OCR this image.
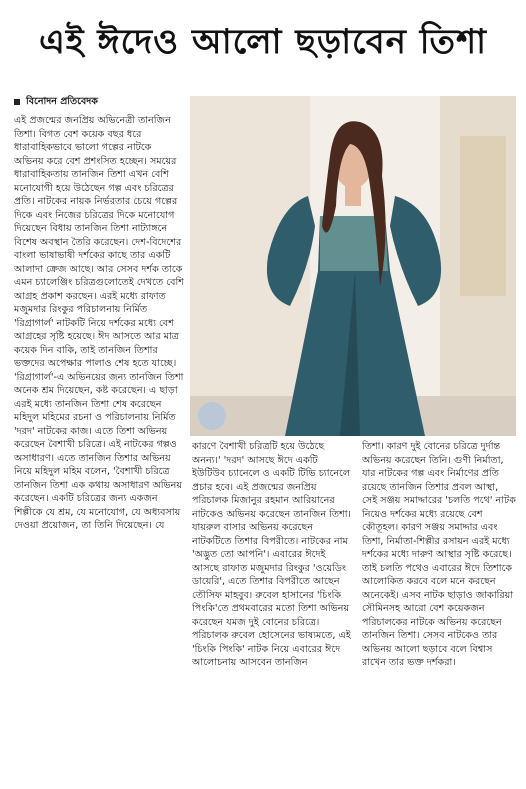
এই ঈদেও আলো ছড়াবেন তিশা
বিনোদন প্রতিবেদক
এই প্রজন্মের জনপ্রিয় অভিনেত্রী তানজিন তিশা। বিগত বেশ কয়েক বছর ধরে ধারাবাহিকভাবে ভালো গল্পের নাটকে অভিনয় করে বেশ প্রশংসিত হচ্ছেন। সময়ের ধারাবাহিকতায় তানজিন তিশা এখন বেশি মনোযোগী হয়ে উঠেছেন গল্প এবং চরিত্রের প্রতি। নাটকের নায়ক নির্ভরতার চেয়ে গল্পের দিকে এবং নিজের চরিত্রের দিকে মনোযোগ দিয়েছেন বিধায় তানজিন তিশা নাট্যাঙ্গনে বিশেষ অবস্থান তৈরি করেছেন। দেশ-বিদেশের বাংলা ভাষাভাষী দর্শকের কাছে তার একটি আলাদা ক্রেজ আছে। আর সেসব দর্শক তাকে এমন চ্যালেঞ্জিং চরিত্রগুলোতেই দেখতে বেশি আগ্রহ প্রকাশ করছেন। এরই মধ্যে রাফাত মজুমদার রিংকুর পরিচালনায় নির্মিত 'রিগ্রাগার্ল' নাটকটি নিয়ে দর্শকের মধ্যে বেশ আগ্রহের সৃষ্টি হয়েছে। ঈদ আসতে আর মাত্র কয়েক দিন বাকি, তাই তানজিন তিশার ভক্তদের অপেক্ষার পালাও শেষ হতে যাচ্ছে। 'রিগ্রাগার্ল'-এ অভিনয়ের জন্য তানজিন তিশা অনেক শ্রম দিয়েছেন, কষ্ট করেছেন। এ ছাড়া এরই মধ্যে তানজিন তিশা শেষ করেছেন মহিদুল মহিমের রচনা ও পরিচালনায় নির্মিত 'দরদ' নাটকের কাজ। এতে তিশা অভিনয় করেছেন বৈশাখী চরিত্রে। এই নাটকের গল্পও অসাধারণ। এতে তানজিন তিশার অভিনয় নিয়ে মহিদুল মহিম বলেন, 'বৈশাখী চরিত্রে তানজিন তিশা এক কথায় অসাধারণ অভিনয় করেছেন। একটি চরিত্রের জন্য একজন শিল্পীকে যে শ্রম, যে মনোযোগ, যে অধ্যবসায় দেওয়া প্রয়োজন, তা তিনি দিয়েছেন। যে
কারণে বৈশাখী চরিত্রটি হয়ে উঠেছে অনন্য।' 'দরদ' আসছে ঈদে একটি ইউটিউব চ্যানেলে ও একটি টিভি চ্যানেলে প্রচার হবে। এই প্রজন্মের জনপ্রিয় পরিচালক মিজানুর রহমান আরিয়ানের নাটকেও অভিনয় করেছেন তানজিন তিশা। যায়রুল বাসার অভিনয় করেছেন নাটকটিতে তিশার বিপরীতে। নাটকের নাম 'অদ্ভুত তো আপনি'। এবারের ঈদেই আসছে রাফাত মজুমদার রিংকুর 'ওয়েডিং ডায়েরি', এতে তিশার বিপরীতে আছেন তৌসিফ মাহবুব। রুবেল হাসানের 'চিংকি পিংকি'তে প্রথমবারের মতো তিশা অভিনয় করেছেন যমজ দুই বোনের চরিত্রে। পরিচালক রুবেল হোসেনের ভাষ্যমতে, এই 'চিংকি পিংকি' নাটক নিয়ে এবারের ঈদে আলোচনায় আসবেন তানজিন
তিশা। কারণ দুই বোনের চরিত্রে দুর্দান্ত অভিনয় করেছেন তিনি। গুণী নির্মাতা, যার নাটকের গল্প এবং নির্মাণের প্রতি রয়েছে তানজিন তিশার প্রবল আস্থা, সেই সঞ্জয় সমাদ্দারের 'চলতি পথে' নাটক নিয়েও দর্শকের মধ্যে রয়েছে বেশ কৌতূহল। কারণ সঞ্জয় সমাদ্দার এবং তিশা, নির্মাতা-শিল্পীর রসায়ন এরই মধ্যে দর্শকের মধ্যে দারুণ আস্থার সৃষ্টি করেছে। তাই চলতি পথেও এবারের ঈদে তিশাকে আলোকিত করবে বলে মনে করছেন অনেকেই। এসব নাটক ছাড়াও জাকারিয়া সৌমিনসহ আরো বেশ কয়েকজন পরিচালকের নাটকে অভিনয় করেছেন তানজিন তিশা। সেসব নাটকেও তার অভিনয় আলো ছড়াবে বলে বিশ্বাস রাখেন তার ভক্ত দর্শকরা।
